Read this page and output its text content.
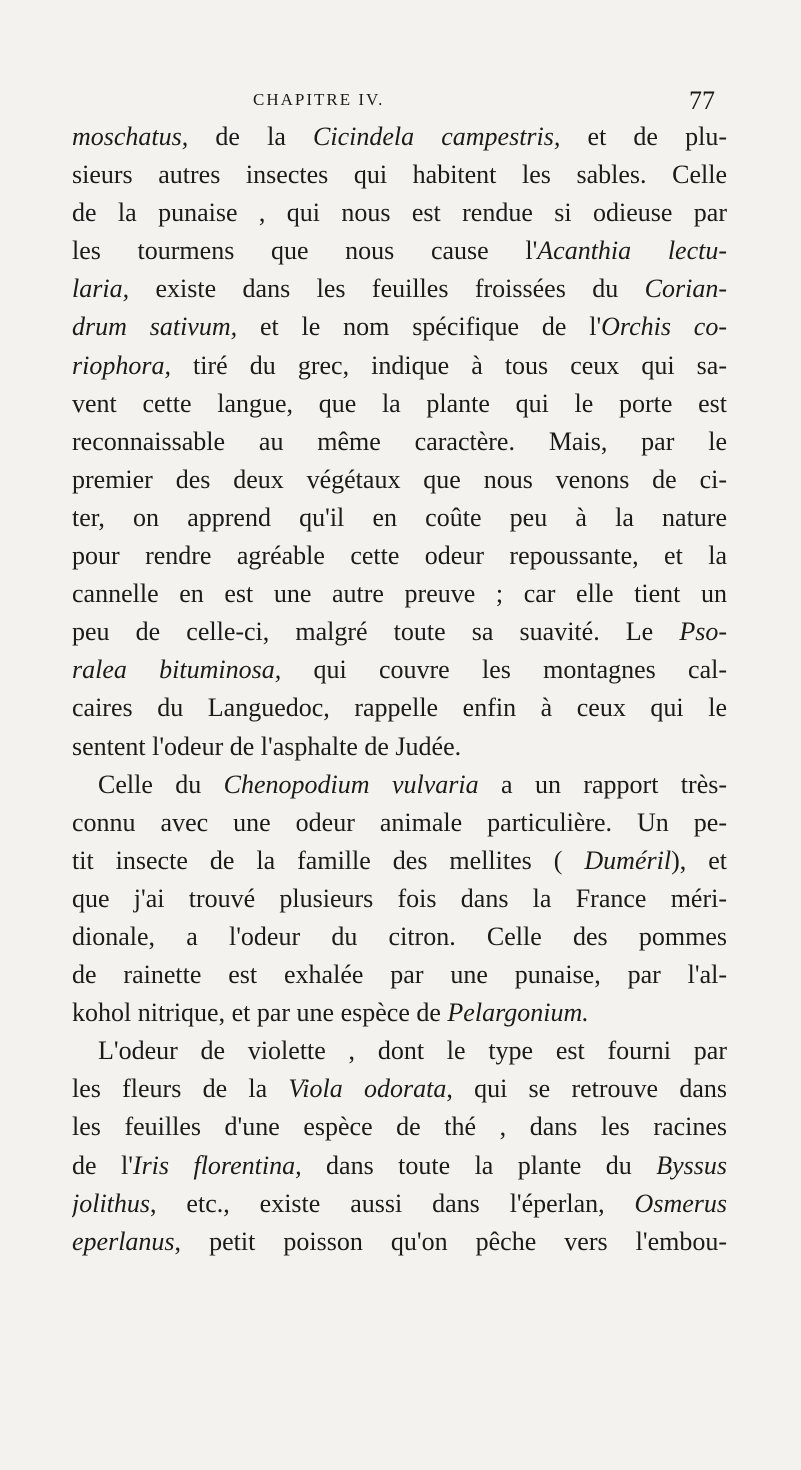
CHAPITRE IV.	77
moschatus, de la Cicindela campestris, et de plu-
sieurs autres insectes qui habitent les sables. Celle
de la punaise , qui nous est rendue si odieuse par
les tourmens que nous cause l'Acanthia lectu-
laria, existe dans les feuilles froissées du Corian-
drum sativum, et le nom spécifique de l'Orchis co-
riophora, tiré du grec, indique à tous ceux qui sa-
vent cette langue, que la plante qui le porte est
reconnaissable au même caractère. Mais, par le
premier des deux végétaux que nous venons de ci-
ter, on apprend qu'il en coûte peu à la nature
pour rendre agréable cette odeur repoussante, et la
cannelle en est une autre preuve ; car elle tient un
peu de celle-ci, malgré toute sa suavité. Le Pso-
ralea bituminosa, qui couvre les montagnes cal-
caires du Languedoc, rappelle enfin à ceux qui le
sentent l'odeur de l'asphalte de Judée.
Celle du Chenopodium vulvaria a un rapport très-
connu avec une odeur animale particulière. Un pe-
tit insecte de la famille des mellites ( Duméril), et
que j'ai trouvé plusieurs fois dans la France méri-
dionale, a l'odeur du citron. Celle des pommes
de rainette est exhalée par une punaise, par l'al-
kohol nitrique, et par une espèce de Pelargonium.
L'odeur de violette , dont le type est fourni par
les fleurs de la Viola odorata, qui se retrouve dans
les feuilles d'une espèce de thé , dans les racines
de l'Iris florentina, dans toute la plante du Byssus
jolithus, etc., existe aussi dans l'éperlan, Osmerus
eperlanus, petit poisson qu'on pêche vers l'embou-
